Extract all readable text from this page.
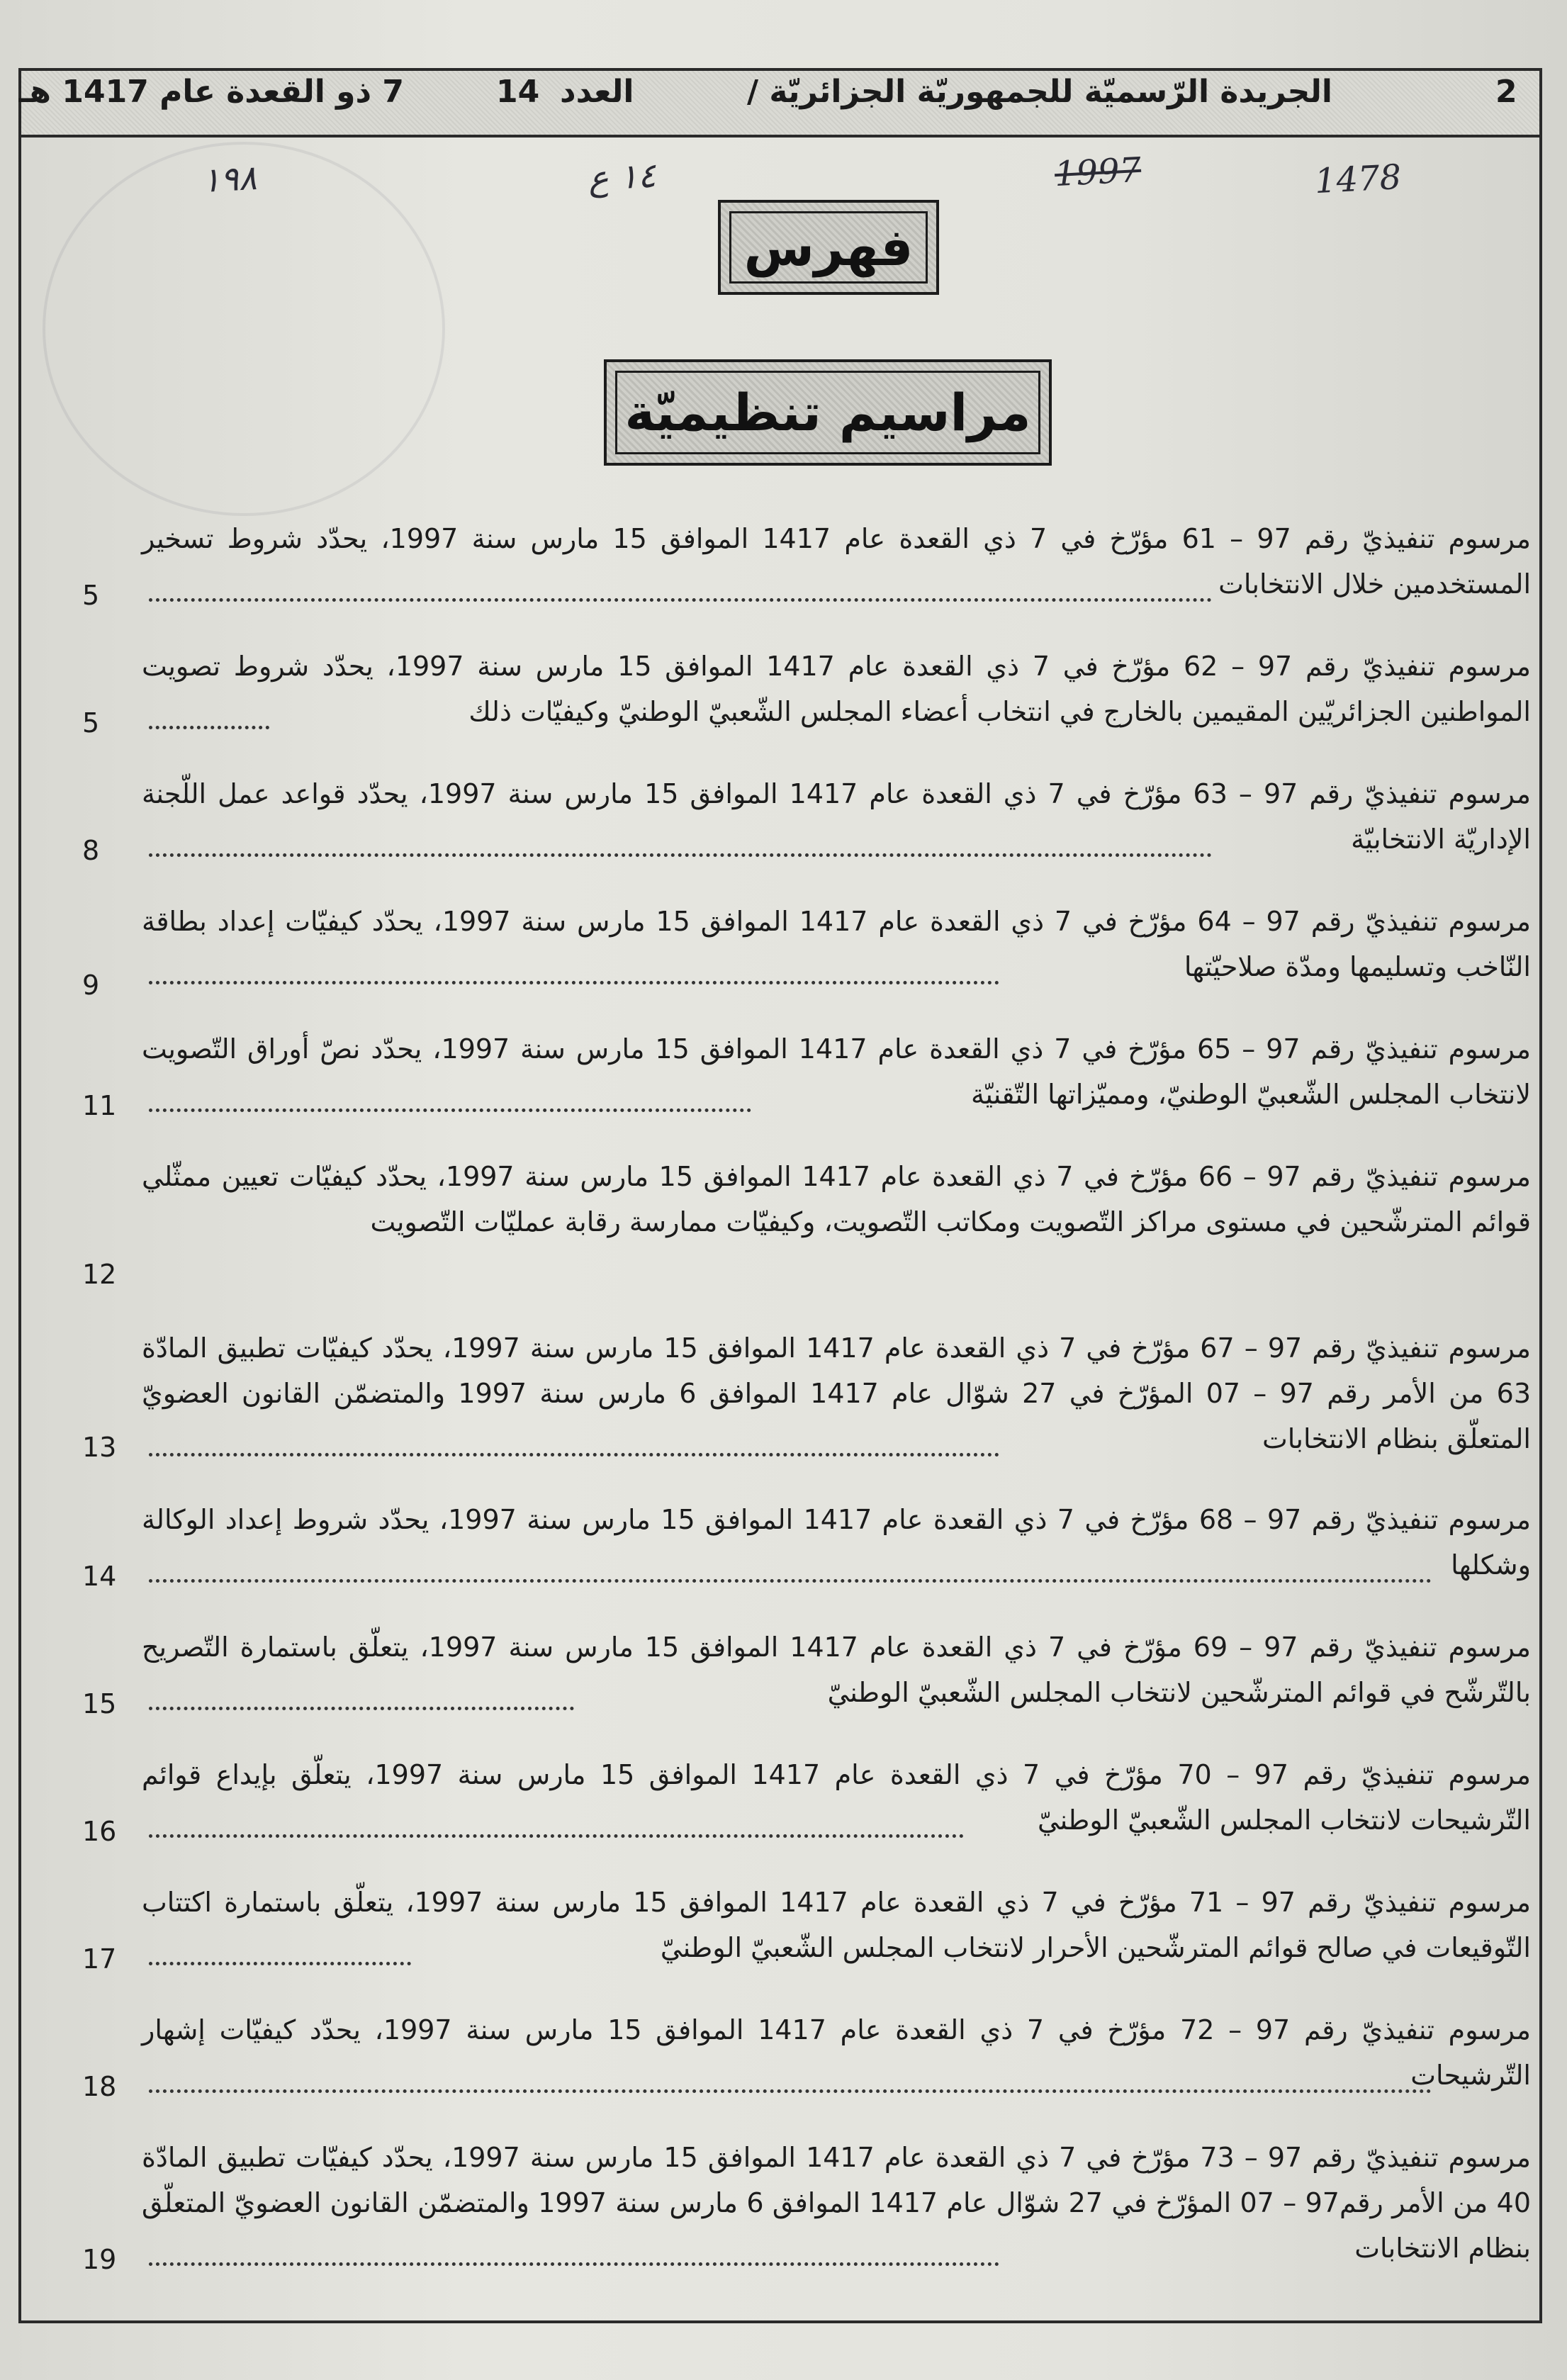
2
الجريدة الرّسميّة للجمهوريّة الجزائريّة /
العدد
14
7 ذو القعدة عام 1417 هـ
١٩٨	١٤ ع	1997	1478
فهرس
مراسيم تنظيميّة
مرسوم تنفيذيّ رقم 97 – 61 مؤرّخ في 7 ذي القعدة عام 1417 الموافق 15 مارس سنة 1997، يحدّد شروط تسخير المستخدمين خلال الانتخابات
5
مرسوم تنفيذيّ رقم 97 – 62 مؤرّخ في 7 ذي القعدة عام 1417 الموافق 15 مارس سنة 1997، يحدّد شروط تصويت المواطنين الجزائريّين المقيمين بالخارج في انتخاب أعضاء المجلس الشّعبيّ الوطنيّ وكيفيّات ذلك
5
مرسوم تنفيذيّ رقم 97 – 63 مؤرّخ في 7 ذي القعدة عام 1417 الموافق 15 مارس سنة 1997، يحدّد قواعد عمل اللّجنة الإداريّة الانتخابيّة
8
مرسوم تنفيذيّ رقم 97 – 64 مؤرّخ في 7 ذي القعدة عام 1417 الموافق 15 مارس سنة 1997، يحدّد كيفيّات إعداد بطاقة النّاخب وتسليمها ومدّة صلاحيّتها
9
مرسوم تنفيذيّ رقم 97 – 65 مؤرّخ في 7 ذي القعدة عام 1417 الموافق 15 مارس سنة 1997، يحدّد نصّ أوراق التّصويت لانتخاب المجلس الشّعبيّ الوطنيّ، ومميّزاتها التّقنيّة
11
مرسوم تنفيذيّ رقم 97 – 66 مؤرّخ في 7 ذي القعدة عام 1417 الموافق 15 مارس سنة 1997، يحدّد كيفيّات تعيين ممثّلي قوائم المترشّحين في مستوى مراكز التّصويت ومكاتب التّصويت، وكيفيّات ممارسة رقابة عمليّات التّصويت
12
مرسوم تنفيذيّ رقم 97 – 67 مؤرّخ في 7 ذي القعدة عام 1417 الموافق 15 مارس سنة 1997، يحدّد كيفيّات تطبيق المادّة 63 من الأمر رقم 97 – 07 المؤرّخ في 27 شوّال عام 1417 الموافق 6 مارس سنة 1997 والمتضمّن القانون العضويّ المتعلّق بنظام الانتخابات
13
مرسوم تنفيذيّ رقم 97 – 68 مؤرّخ في 7 ذي القعدة عام 1417 الموافق 15 مارس سنة 1997، يحدّد شروط إعداد الوكالة وشكلها
14
مرسوم تنفيذيّ رقم 97 – 69 مؤرّخ في 7 ذي القعدة عام 1417 الموافق 15 مارس سنة 1997، يتعلّق باستمارة التّصريح بالتّرشّح في قوائم المترشّحين لانتخاب المجلس الشّعبيّ الوطنيّ
15
مرسوم تنفيذيّ رقم 97 – 70 مؤرّخ في 7 ذي القعدة عام 1417 الموافق 15 مارس سنة 1997، يتعلّق بإيداع قوائم التّرشيحات لانتخاب المجلس الشّعبيّ الوطنيّ
16
مرسوم تنفيذيّ رقم 97 – 71 مؤرّخ في 7 ذي القعدة عام 1417 الموافق 15 مارس سنة 1997، يتعلّق باستمارة اكتتاب التّوقيعات في صالح قوائم المترشّحين الأحرار لانتخاب المجلس الشّعبيّ الوطنيّ
17
مرسوم تنفيذيّ رقم 97 – 72 مؤرّخ في 7 ذي القعدة عام 1417 الموافق 15 مارس سنة 1997، يحدّد كيفيّات إشهار التّرشيحات
18
مرسوم تنفيذيّ رقم 97 – 73 مؤرّخ في 7 ذي القعدة عام 1417 الموافق 15 مارس سنة 1997، يحدّد كيفيّات تطبيق المادّة 40 من الأمر رقم97 – 07 المؤرّخ في 27 شوّال عام 1417 الموافق 6 مارس سنة 1997 والمتضمّن القانون العضويّ المتعلّق بنظام الانتخابات
19
